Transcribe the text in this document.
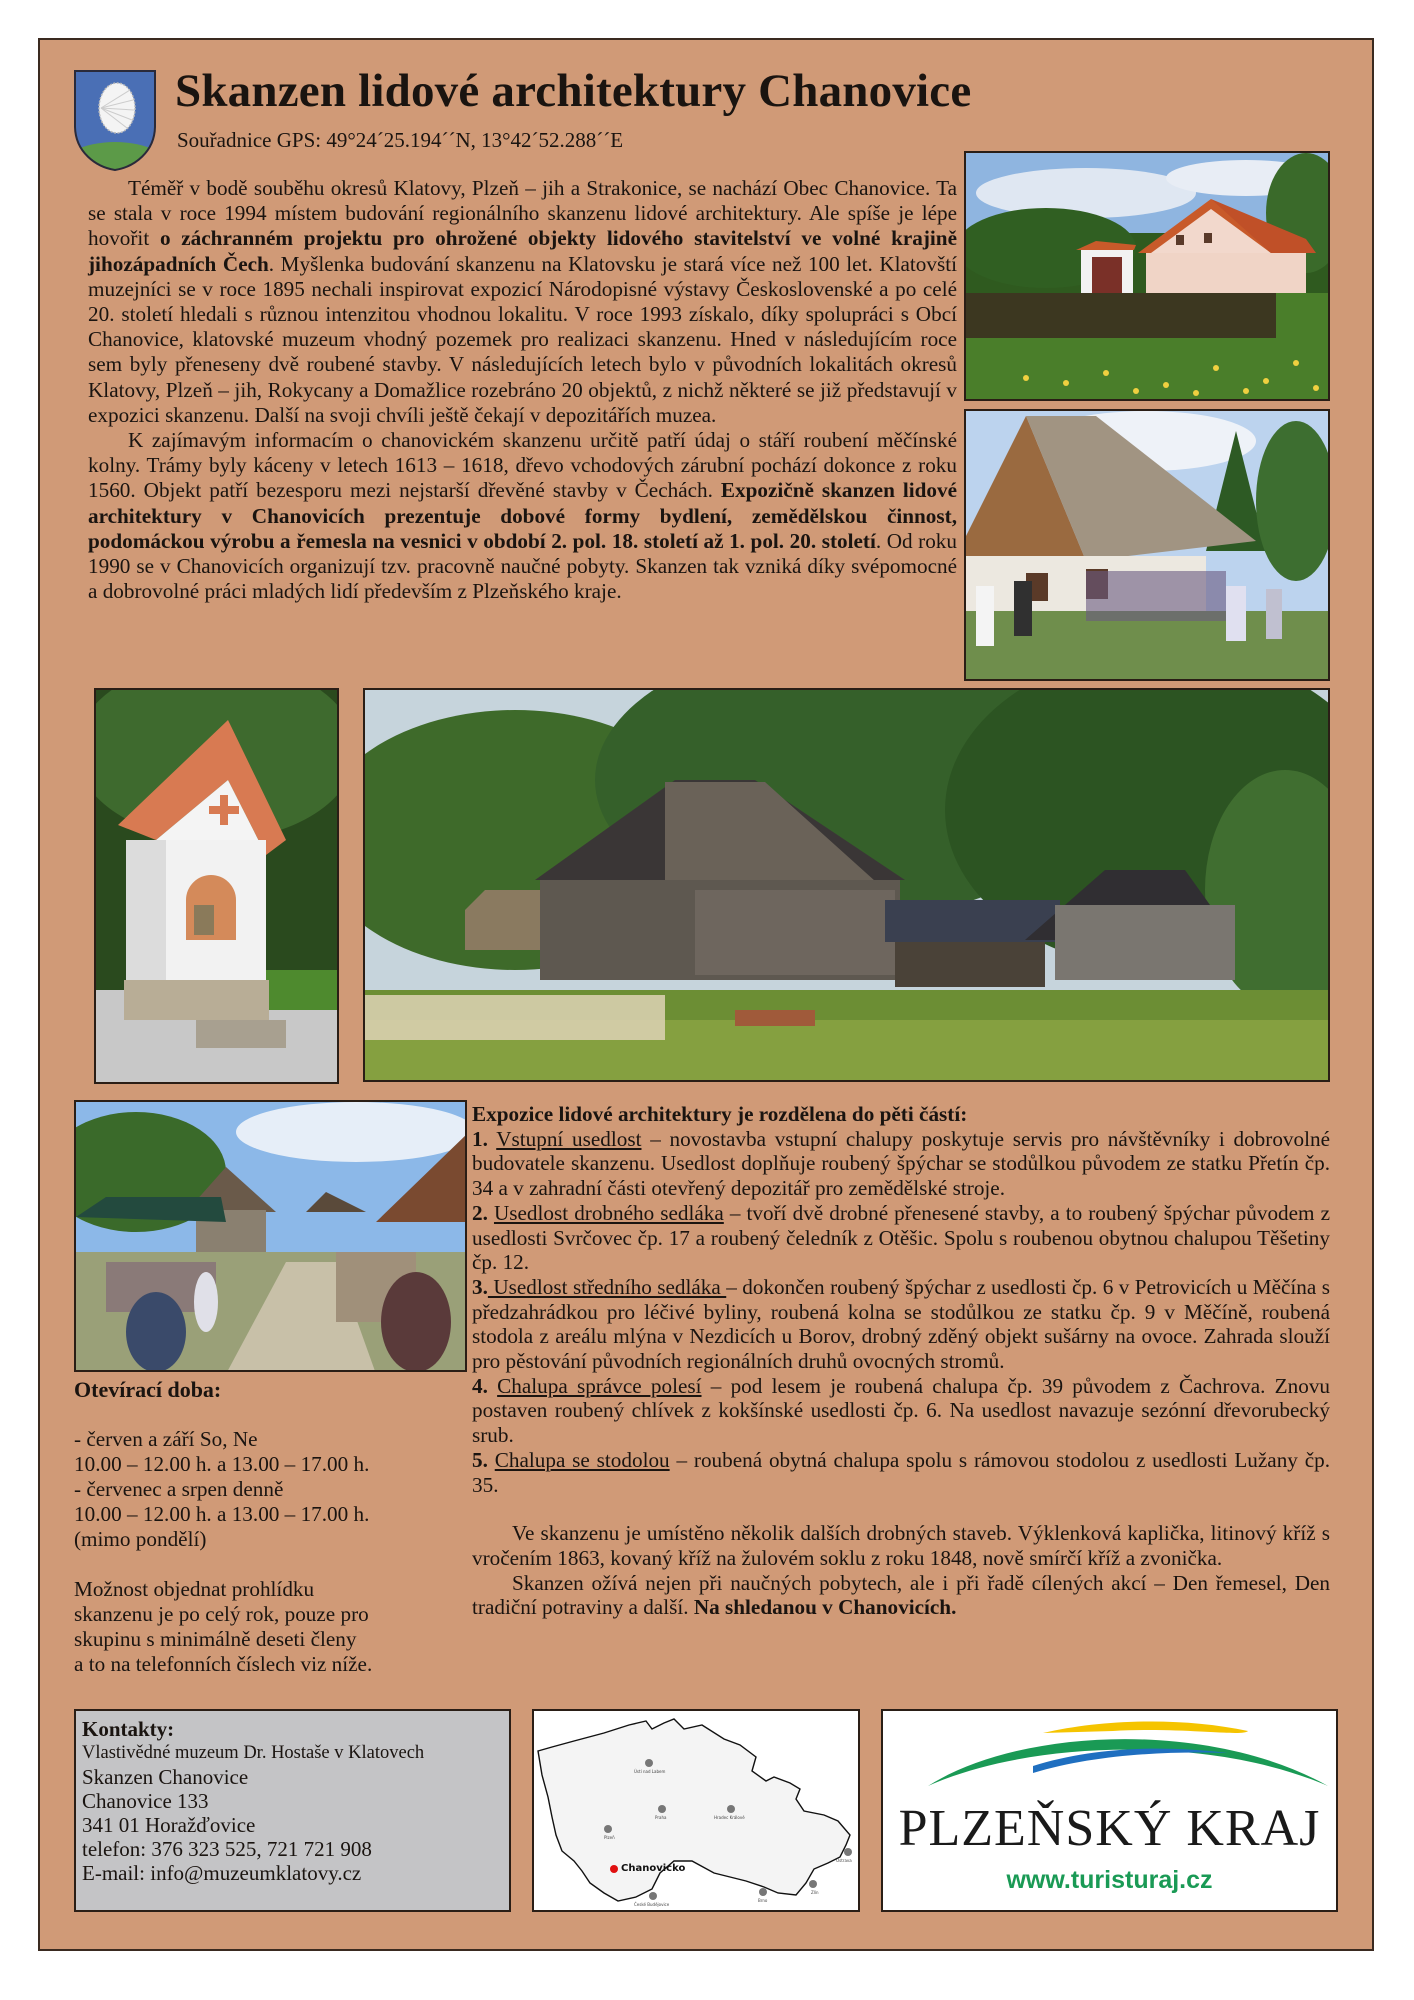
Skanzen lidové architektury Chanovice
Souřadnice GPS: 49°24´25.194´´N, 13°42´52.288´´E

Téměř v bodě souběhu okresů Klatovy, Plzeň – jih a Strakonice, se nachází Obec Chanovice. Ta se stala v roce 1994 místem budování regionálního skanzenu lidové architektury. Ale spíše je lépe hovořit o záchranném projektu pro ohrožené objekty lidového stavitelství ve volné krajině jihozápadních Čech. Myšlenka budování skanzenu na Klatovsku je stará více než 100 let. Klatovští muzejníci se v roce 1895 nechali inspirovat expozicí Národopisné výstavy Československé a po celé 20. století hledali s různou intenzitou vhodnou lokalitu. V roce 1993 získalo, díky spolupráci s Obcí Chanovice, klatovské muzeum vhodný pozemek pro realizaci skanzenu. Hned v následujícím roce sem byly přeneseny dvě roubené stavby. V následujících letech bylo v původních lokalitách okresů Klatovy, Plzeň – jih, Rokycany a Domažlice rozebráno 20 objektů, z nichž některé se již představují v expozici skanzenu. Další na svoji chvíli ještě čekají v depozitářích muzea.

K zajímavým informacím o chanovickém skanzenu určitě patří údaj o stáří roubení měčínské kolny. Trámy byly káceny v letech 1613 – 1618, dřevo vchodových zárubní pochází dokonce z roku 1560. Objekt patří bezesporu mezi nejstarší dřevěné stavby v Čechách. Expozičně skanzen lidové architektury v Chanovicích prezentuje dobové formy bydlení, zemědělskou činnost, podomáckou výrobu a řemesla na vesnici v období 2. pol. 18. století až 1. pol. 20. století. Od roku 1990 se v Chanovicích organizují tzv. pracovně naučné pobyty. Skanzen tak vzniká díky svépomocné a dobrovolné práci mladých lidí především z Plzeňského kraje.

Expozice lidové architektury je rozdělena do pěti částí:

1. Vstupní usedlost – novostavba vstupní chalupy poskytuje servis pro návštěvníky i dobrovolné budovatele skanzenu. Usedlost doplňuje roubený špýchar se stodůlkou původem ze statku Přetín čp. 34 a v zahradní části otevřený depozitář pro zemědělské stroje.

2. Usedlost drobného sedláka – tvoří dvě drobné přenesené stavby, a to roubený špýchar původem z usedlosti Svrčovec čp. 17 a roubený čeledník z Otěšic. Spolu s roubenou obytnou chalupou Těšetiny čp. 12.

3. Usedlost středního sedláka – dokončen roubený špýchar z usedlosti čp. 6 v Petrovicích u Měčína s předzahrádkou pro léčivé byliny, roubená kolna se stodůlkou ze statku čp. 9 v Měčíně, roubená stodola z areálu mlýna v Nezdicích u Borov, drobný zděný objekt sušárny na ovoce. Zahrada slouží pro pěstování původních regionálních druhů ovocných stromů.

4. Chalupa správce polesí – pod lesem je roubená chalupa čp. 39 původem z Čachrova. Znovu postaven roubený chlívek z kokšínské usedlosti čp. 6. Na usedlost navazuje sezónní dřevorubecký srub.

5. Chalupa se stodolou – roubená obytná chalupa spolu s rámovou stodolou z usedlosti Lužany čp. 35.

Ve skanzenu je umístěno několik dalších drobných staveb. Výklenková kaplička, litinový kříž s vročením 1863, kovaný kříž na žulovém soklu z roku 1848, nově smírčí kříž a zvonička.

Skanzen ožívá nejen při naučných pobytech, ale i při řadě cílených akcí – Den řemesel, Den tradiční potraviny a další. Na shledanou v Chanovicích.

Otevírací doba:
- červen a září So, Ne
10.00 – 12.00 h. a 13.00 – 17.00 h.
- červenec a srpen denně
10.00 – 12.00 h. a 13.00 – 17.00 h.
(mimo pondělí)
Možnost objednat prohlídku
skanzenu je po celý rok, pouze pro
skupinu s minimálně deseti členy
a to na telefonních číslech viz níže.
Kontakty:
Vlastivědné muzeum Dr. Hostaše v Klatovech
Skanzen Chanovice
Chanovice 133
341 01 Horažďovice
telefon: 376 323 525, 721 721 908
E-mail: info@muzeumklatovy.cz
Ústí nad Labem
Praha	Hradec Králové
Plzeň
Ostrava
Zlín
Brno
České Budějovice
Chanovicko
PLZEŇSKÝ KRAJ
www.turisturaj.cz
